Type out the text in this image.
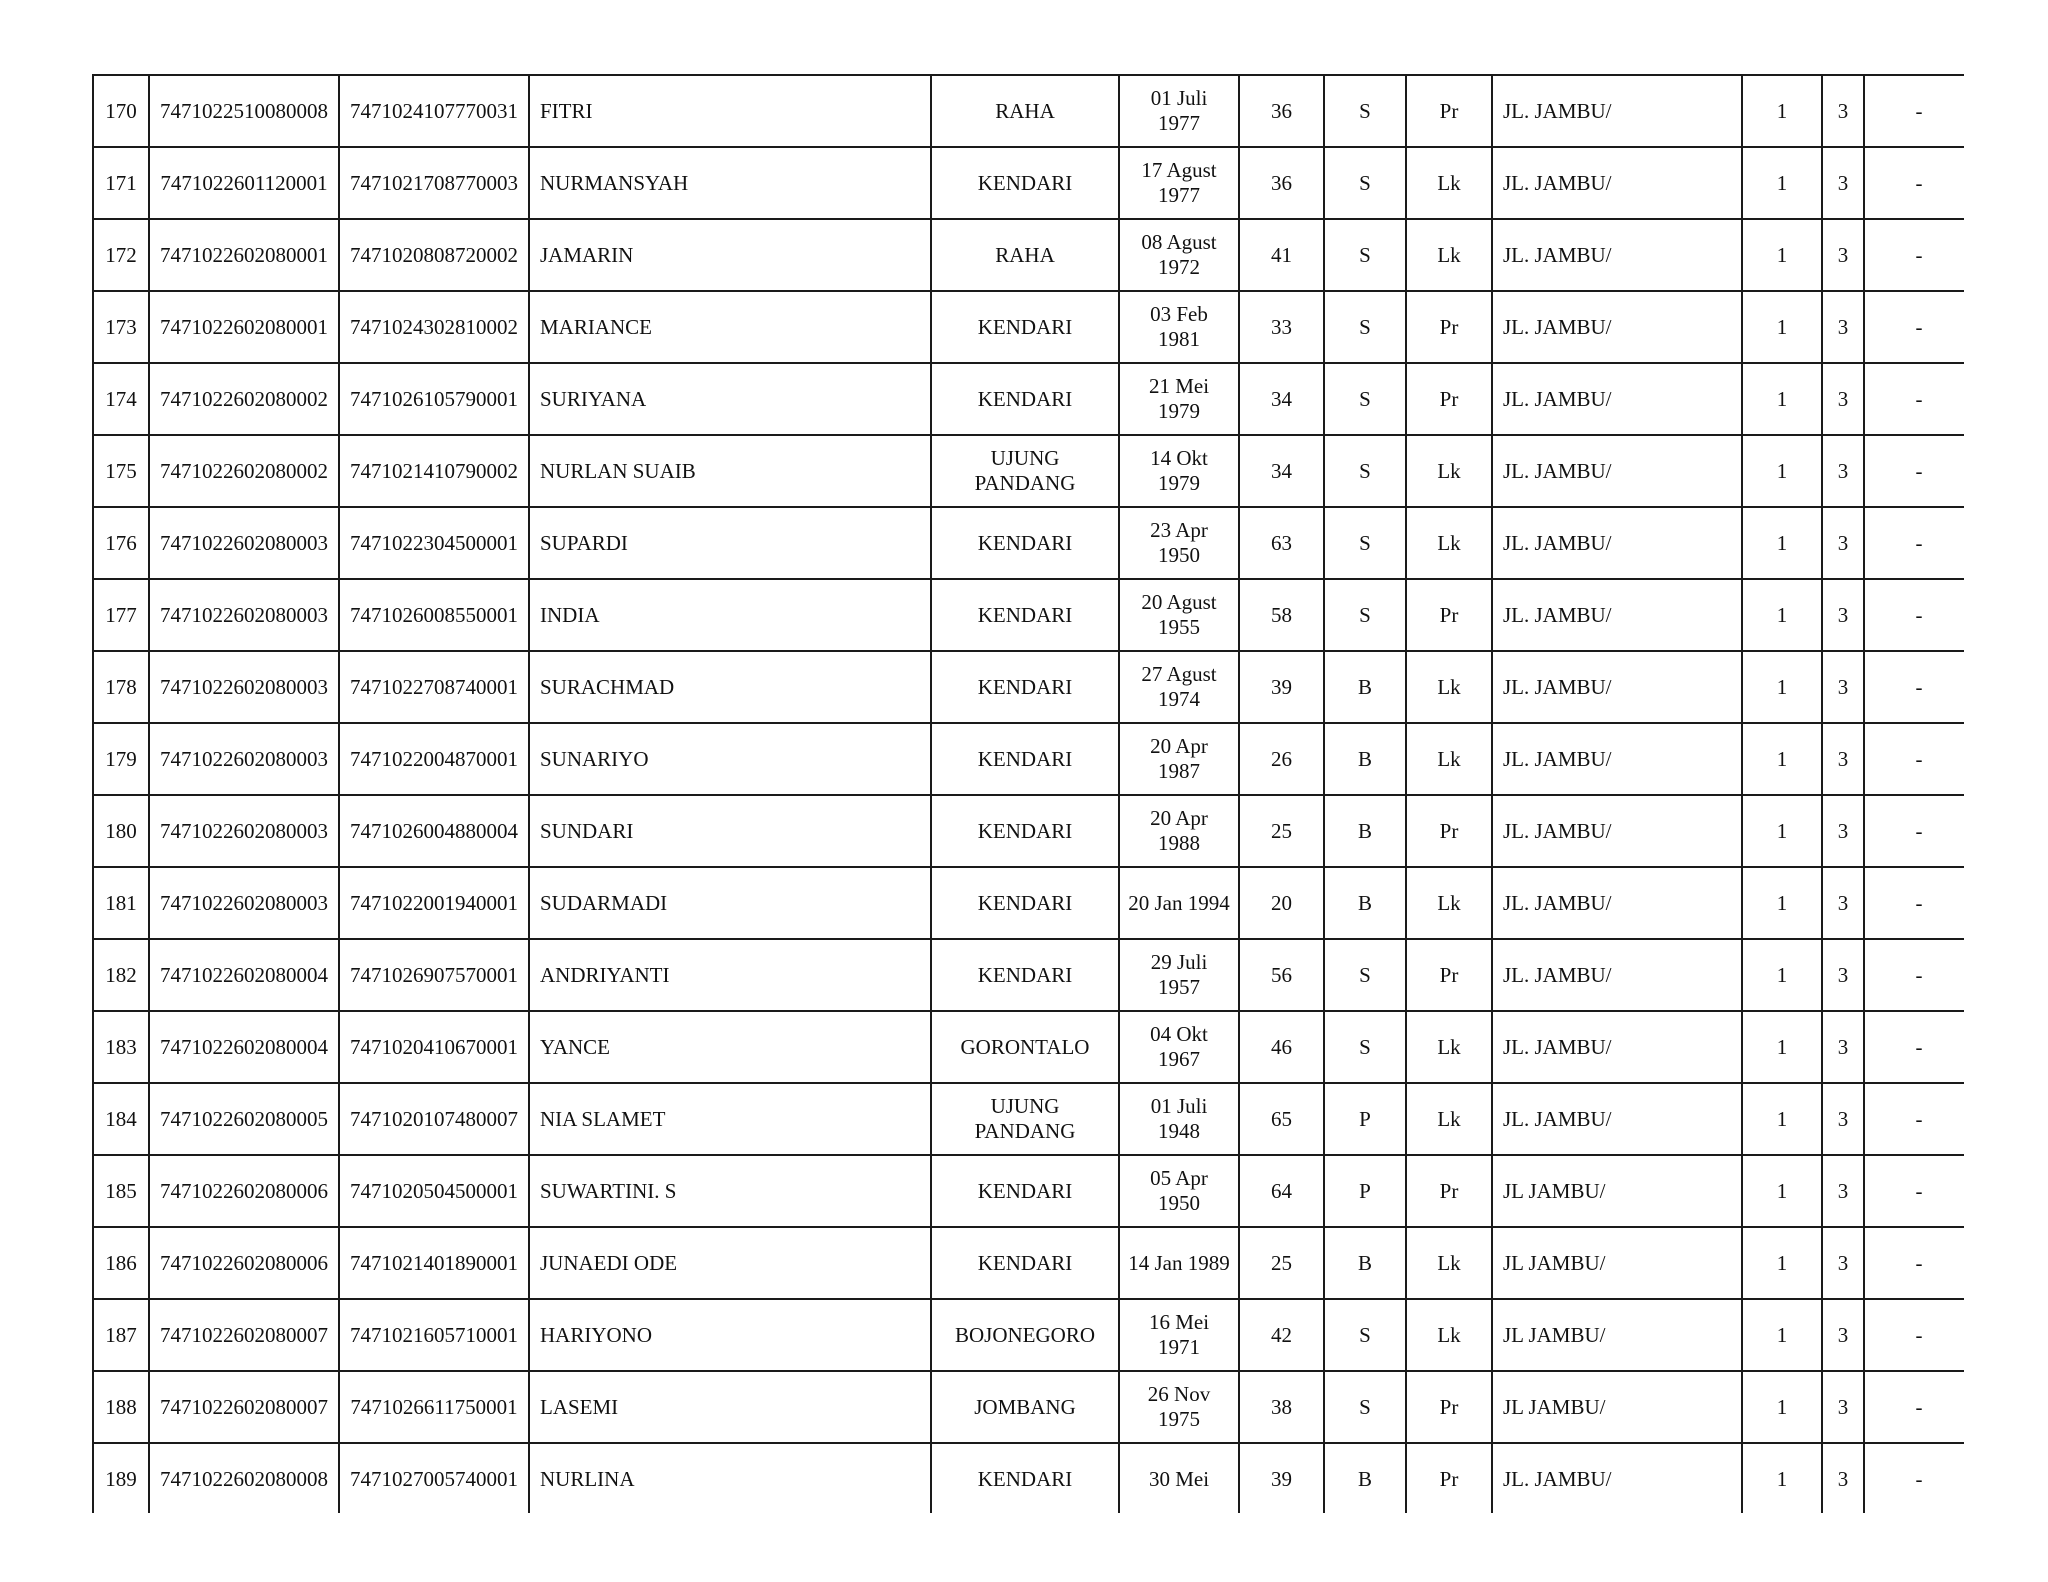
170	7471022510080008	7471024107770031	FITRI	RAHA	01 Juli 1977	36	S	Pr	JL. JAMBU/	1	3	-
171	7471022601120001	7471021708770003	NURMANSYAH	KENDARI	17 Agust 1977	36	S	Lk	JL. JAMBU/	1	3	-
172	7471022602080001	7471020808720002	JAMARIN	RAHA	08 Agust 1972	41	S	Lk	JL. JAMBU/	1	3	-
173	7471022602080001	7471024302810002	MARIANCE	KENDARI	03 Feb 1981	33	S	Pr	JL. JAMBU/	1	3	-
174	7471022602080002	7471026105790001	SURIYANA	KENDARI	21 Mei 1979	34	S	Pr	JL. JAMBU/	1	3	-
175	7471022602080002	7471021410790002	NURLAN SUAIB	UJUNG PANDANG	14 Okt 1979	34	S	Lk	JL. JAMBU/	1	3	-
176	7471022602080003	7471022304500001	SUPARDI	KENDARI	23 Apr 1950	63	S	Lk	JL. JAMBU/	1	3	-
177	7471022602080003	7471026008550001	INDIA	KENDARI	20 Agust 1955	58	S	Pr	JL. JAMBU/	1	3	-
178	7471022602080003	7471022708740001	SURACHMAD	KENDARI	27 Agust 1974	39	B	Lk	JL. JAMBU/	1	3	-
179	7471022602080003	7471022004870001	SUNARIYO	KENDARI	20 Apr 1987	26	B	Lk	JL. JAMBU/	1	3	-
180	7471022602080003	7471026004880004	SUNDARI	KENDARI	20 Apr 1988	25	B	Pr	JL. JAMBU/	1	3	-
181	7471022602080003	7471022001940001	SUDARMADI	KENDARI	20 Jan 1994	20	B	Lk	JL. JAMBU/	1	3	-
182	7471022602080004	7471026907570001	ANDRIYANTI	KENDARI	29 Juli 1957	56	S	Pr	JL. JAMBU/	1	3	-
183	7471022602080004	7471020410670001	YANCE	GORONTALO	04 Okt 1967	46	S	Lk	JL. JAMBU/	1	3	-
184	7471022602080005	7471020107480007	NIA SLAMET	UJUNG PANDANG	01 Juli 1948	65	P	Lk	JL. JAMBU/	1	3	-
185	7471022602080006	7471020504500001	SUWARTINI. S	KENDARI	05 Apr 1950	64	P	Pr	JL JAMBU/	1	3	-
186	7471022602080006	7471021401890001	JUNAEDI ODE	KENDARI	14 Jan 1989	25	B	Lk	JL JAMBU/	1	3	-
187	7471022602080007	7471021605710001	HARIYONO	BOJONEGORO	16 Mei 1971	42	S	Lk	JL JAMBU/	1	3	-
188	7471022602080007	7471026611750001	LASEMI	JOMBANG	26 Nov 1975	38	S	Pr	JL JAMBU/	1	3	-
189	7471022602080008	7471027005740001	NURLINA	KENDARI	30 Mei	39	B	Pr	JL. JAMBU/	1	3	-
